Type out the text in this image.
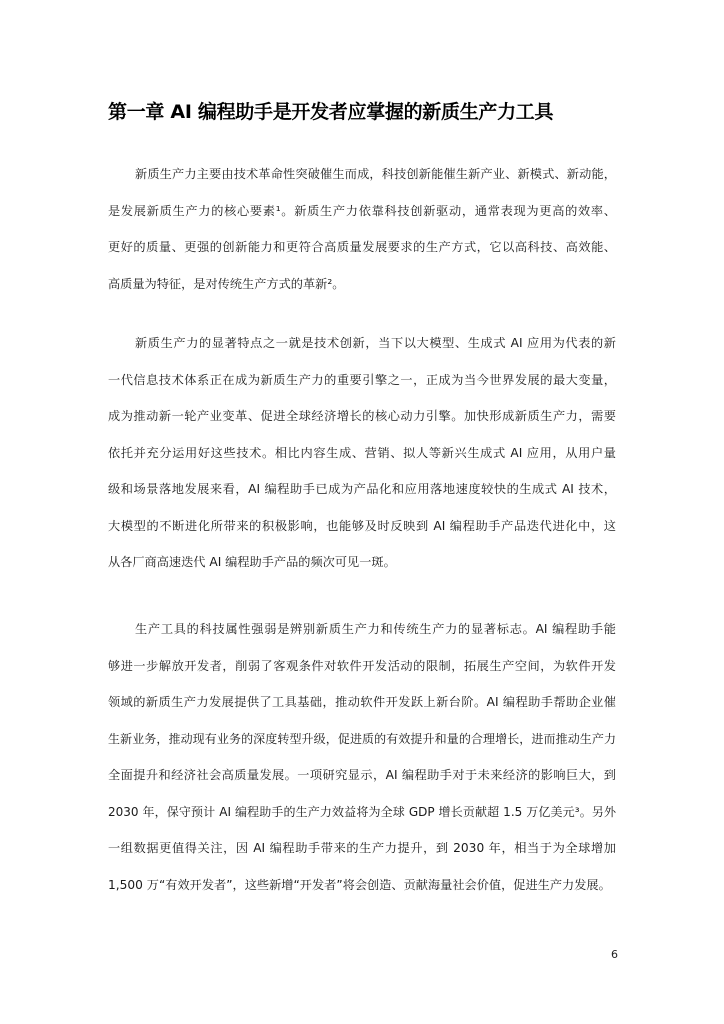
第一章 AI 编程助手是开发者应掌握的新质生产力工具
新质生产力主要由技术革命性突破催生而成，科技创新能催生新产业、新模式、新动能，
是发展新质生产力的核心要素¹。新质生产力依靠科技创新驱动，通常表现为更高的效率、
更好的质量、更强的创新能力和更符合高质量发展要求的生产方式，它以高科技、高效能、
高质量为特征，是对传统生产方式的革新²。
新质生产力的显著特点之一就是技术创新，当下以大模型、生成式 AI 应用为代表的新
一代信息技术体系正在成为新质生产力的重要引擎之一，正成为当今世界发展的最大变量，
成为推动新一轮产业变革、促进全球经济增长的核心动力引擎。加快形成新质生产力，需要
依托并充分运用好这些技术。相比内容生成、营销、拟人等新兴生成式 AI 应用，从用户量
级和场景落地发展来看，AI 编程助手已成为产品化和应用落地速度较快的生成式 AI 技术，
大模型的不断进化所带来的积极影响，也能够及时反映到 AI 编程助手产品迭代进化中，这
从各厂商高速迭代 AI 编程助手产品的频次可见一斑。
生产工具的科技属性强弱是辨别新质生产力和传统生产力的显著标志。AI 编程助手能
够进一步解放开发者，削弱了客观条件对软件开发活动的限制，拓展生产空间，为软件开发
领域的新质生产力发展提供了工具基础，推动软件开发跃上新台阶。AI 编程助手帮助企业催
生新业务，推动现有业务的深度转型升级，促进质的有效提升和量的合理增长，进而推动生产力
全面提升和经济社会高质量发展。一项研究显示，AI 编程助手对于未来经济的影响巨大，到
2030 年，保守预计 AI 编程助手的生产力效益将为全球 GDP 增长贡献超 1.5 万亿美元³。另外
一组数据更值得关注，因 AI 编程助手带来的生产力提升，到 2030 年，相当于为全球增加
1,500 万“有效开发者”，这些新增“开发者”将会创造、贡献海量社会价值，促进生产力发展。

6
